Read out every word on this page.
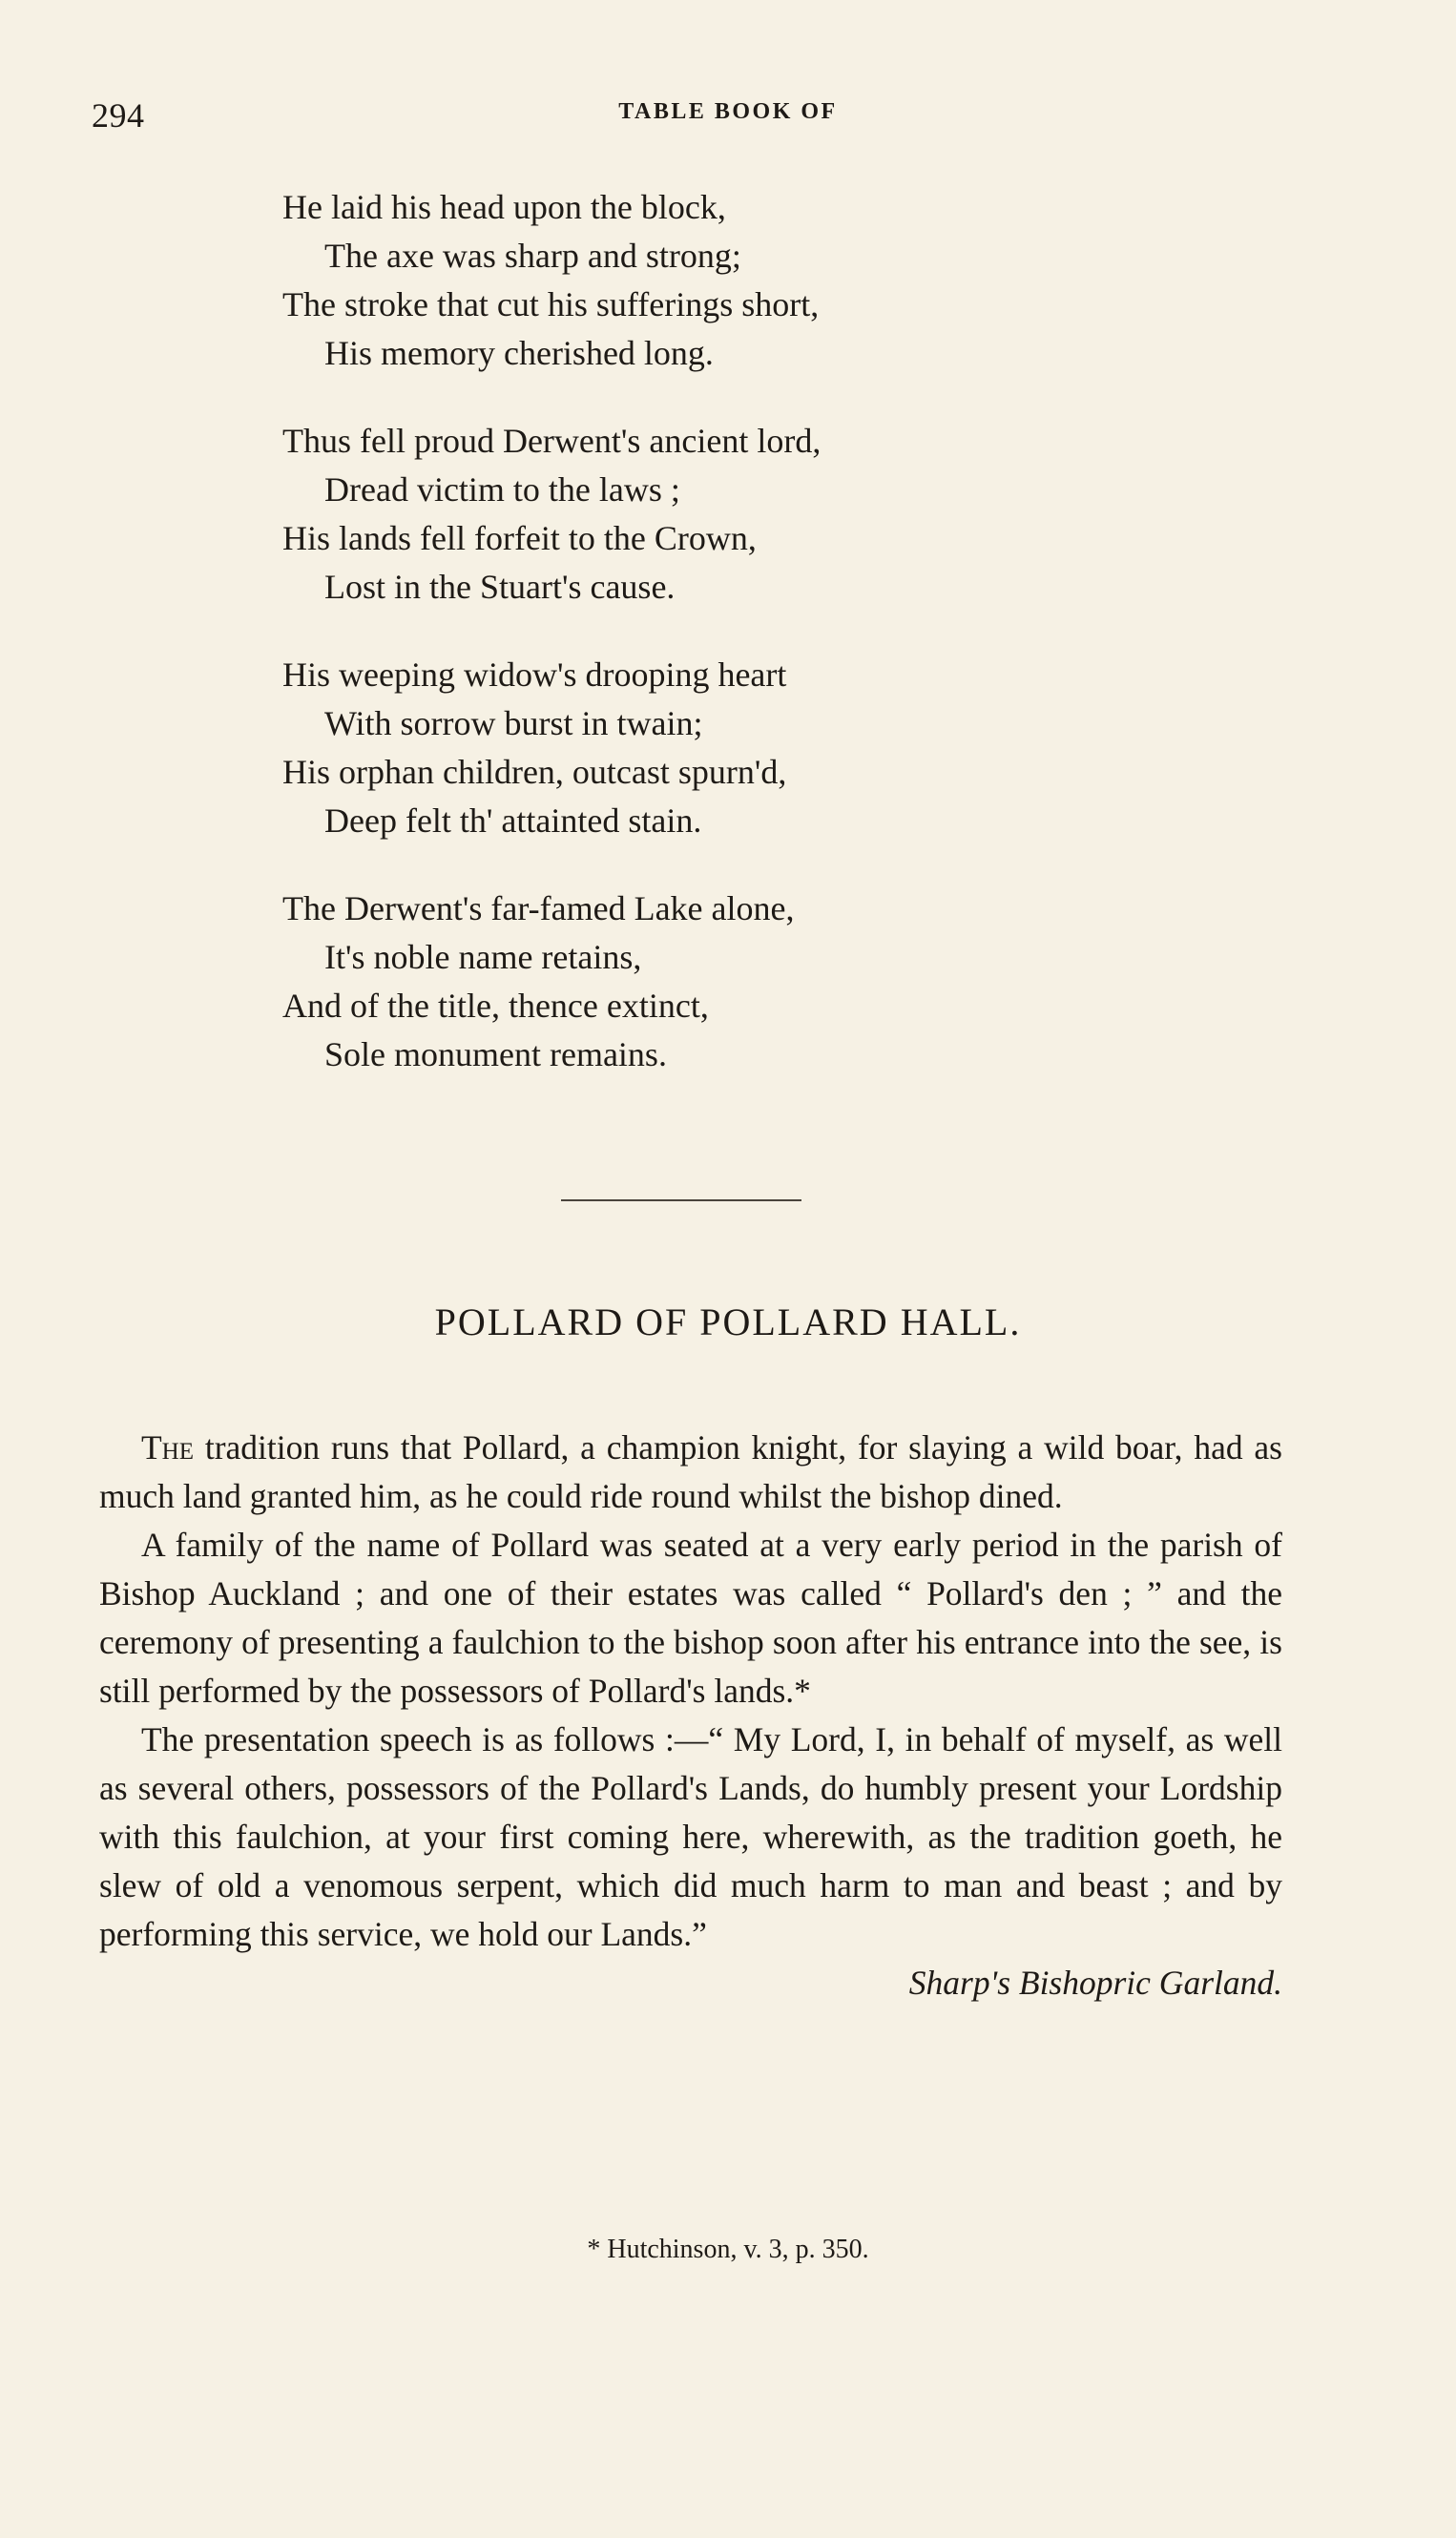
294	TABLE BOOK OF
He laid his head upon the block,
The axe was sharp and strong;
The stroke that cut his sufferings short,
His memory cherished long.
Thus fell proud Derwent's ancient lord,
Dread victim to the laws ;
His lands fell forfeit to the Crown,
Lost in the Stuart's cause.
His weeping widow's drooping heart
With sorrow burst in twain;
His orphan children, outcast spurn'd,
Deep felt th' attainted stain.
The Derwent's far-famed Lake alone,
It's noble name retains,
And of the title, thence extinct,
Sole monument remains.
POLLARD OF POLLARD HALL.

The tradition runs that Pollard, a champion knight, for slaying a wild boar, had as much land granted him, as he could ride round whilst the bishop dined.

A family of the name of Pollard was seated at a very early period in the parish of Bishop Auckland ; and one of their estates was called “ Pollard's den ; ” and the ceremony of presenting a faulchion to the bishop soon after his entrance into the see, is still performed by the possessors of Pollard's lands.*

The presentation speech is as follows :—“ My Lord, I, in behalf of myself, as well as several others, possessors of the Pollard's Lands, do humbly present your Lordship with this faulchion, at your first coming here, wherewith, as the tradition goeth, he slew of old a venomous serpent, which did much harm to man and beast ; and by performing this service, we hold our Lands.”

Sharp's Bishopric Garland.
* Hutchinson, v. 3, p. 350.
